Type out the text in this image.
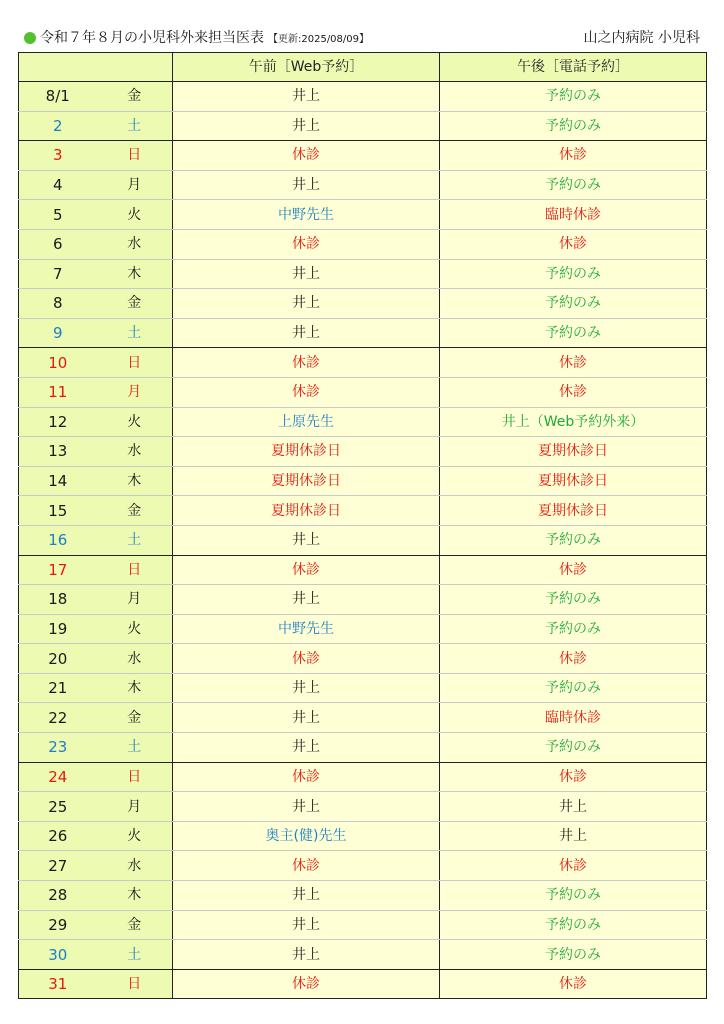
令和７年８月の小児科外来担当医表 【更新:2025/08/09】	山之内病院 小児科
		午前［Web予約］	午後［電話予約］
8/1	金	井上	予約のみ
2	土	井上	予約のみ
3	日	休診	休診
4	月	井上	予約のみ
5	火	中野先生	臨時休診
6	水	休診	休診
7	木	井上	予約のみ
8	金	井上	予約のみ
9	土	井上	予約のみ
10	日	休診	休診
11	月	休診	休診
12	火	上原先生	井上（Web予約外来）
13	水	夏期休診日	夏期休診日
14	木	夏期休診日	夏期休診日
15	金	夏期休診日	夏期休診日
16	土	井上	予約のみ
17	日	休診	休診
18	月	井上	予約のみ
19	火	中野先生	予約のみ
20	水	休診	休診
21	木	井上	予約のみ
22	金	井上	臨時休診
23	土	井上	予約のみ
24	日	休診	休診
25	月	井上	井上
26	火	奥主(健)先生	井上
27	水	休診	休診
28	木	井上	予約のみ
29	金	井上	予約のみ
30	土	井上	予約のみ
31	日	休診	休診
